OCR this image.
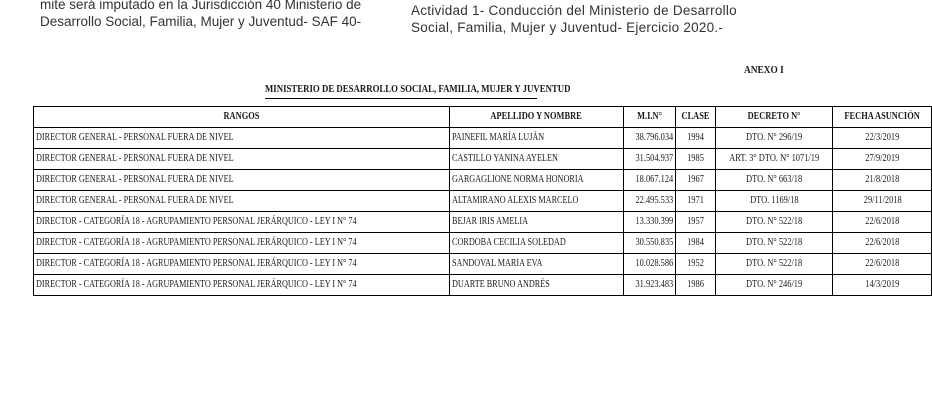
mite será imputado en la Jurisdicción 40 Ministerio de
Desarrollo Social, Familia, Mujer y Juventud- SAF 40-
Actividad 1- Conducción del Ministerio de Desarrollo
Social, Familia, Mujer y Juventud- Ejercicio 2020.-
ANEXO I
MINISTERIO DE DESARROLLO SOCIAL, FAMILIA, MUJER Y JUVENTUD
RANGOS	APELLIDO Y NOMBRE	M.I.N°	CLASE	DECRETO N°	FECHA ASUNCIÓN
DIRECTOR GENERAL - PERSONAL FUERA DE NIVEL	PAINEFIL MARÍA LUJÁN	38.796.034	1994	DTO. N° 296/19	22/3/2019
DIRECTOR GENERAL - PERSONAL FUERA DE NIVEL	CASTILLO YANINA AYELEN	31.504.937	1985	ART. 3° DTO. N° 1071/19	27/9/2019
DIRECTOR GENERAL - PERSONAL FUERA DE NIVEL	GARGAGLIONE NORMA HONORIA	18.067.124	1967	DTO. N° 663/18	21/8/2018
DIRECTOR GENERAL - PERSONAL FUERA DE NIVEL	ALTAMIRANO ALEXIS MARCELO	22.495.533	1971	DTO. 1169/18	29/11/2018
DIRECTOR - CATEGORÍA 18 - AGRUPAMIENTO PERSONAL JERÁRQUICO - LEY I N° 74	BEJAR IRIS AMELIA	13.330.399	1957	DTO. N° 522/18	22/6/2018
DIRECTOR - CATEGORÍA 18 - AGRUPAMIENTO PERSONAL JERÁRQUICO - LEY I N° 74	CORDOBA CECILIA SOLEDAD	30.550.835	1984	DTO. N° 522/18	22/6/2018
DIRECTOR - CATEGORÍA 18 - AGRUPAMIENTO PERSONAL JERÁRQUICO - LEY I N° 74	SANDOVAL MARIA EVA	10.028.586	1952	DTO. N° 522/18	22/6/2018
DIRECTOR - CATEGORÍA 18 - AGRUPAMIENTO PERSONAL JERÁRQUICO - LEY I N° 74	DUARTE BRUNO ANDRÉS	31.923.483	1986	DTO. N° 246/19	14/3/2019
